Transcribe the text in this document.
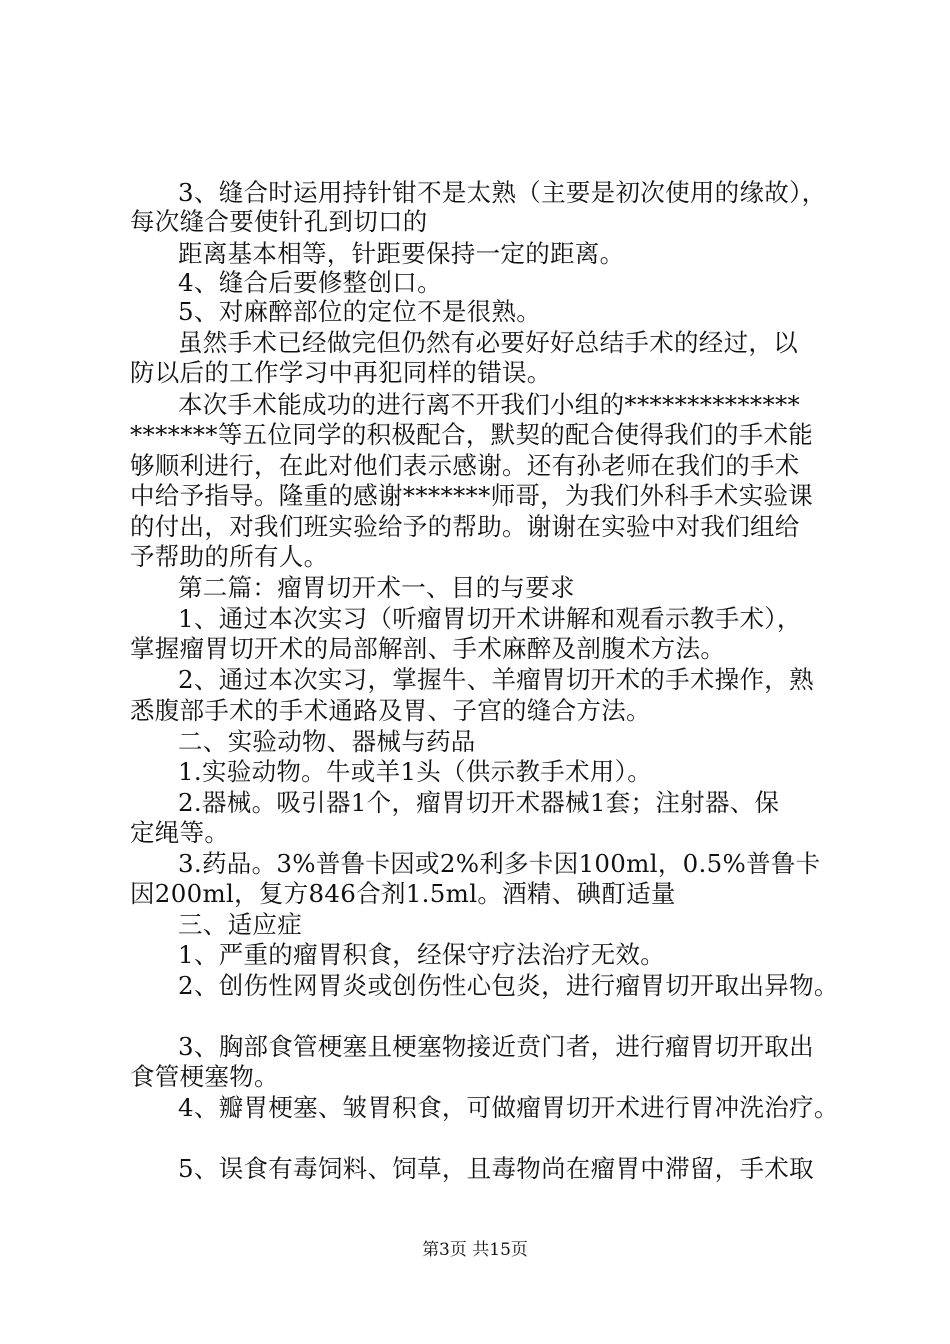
3、缝合时运用持针钳不是太熟（主要是初次使用的缘故），
每次缝合要使针孔到切口的
距离基本相等，针距要保持一定的距离。
4、缝合后要修整创口。
5、对麻醉部位的定位不是很熟。
虽然手术已经做完但仍然有必要好好总结手术的经过，以
防以后的工作学习中再犯同样的错误。
本次手术能成功的进行离不开我们小组的**************
*******等五位同学的积极配合，默契的配合使得我们的手术能
够顺利进行，在此对他们表示感谢。还有孙老师在我们的手术
中给予指导。隆重的感谢*******师哥，为我们外科手术实验课
的付出，对我们班实验给予的帮助。谢谢在实验中对我们组给
予帮助的所有人。
第二篇：瘤胃切开术一、目的与要求
1、通过本次实习（听瘤胃切开术讲解和观看示教手术），
掌握瘤胃切开术的局部解剖、手术麻醉及剖腹术方法。
2、通过本次实习，掌握牛、羊瘤胃切开术的手术操作，熟
悉腹部手术的手术通路及胃、子宫的缝合方法。
二、实验动物、器械与药品
1.实验动物。牛或羊1头（供示教手术用）。
2.器械。吸引器1个，瘤胃切开术器械1套；注射器、保
定绳等。
3.药品。3%普鲁卡因或2%利多卡因100ml，0.5%普鲁卡
因200ml，复方846合剂1.5ml。酒精、碘酊适量
三、适应症
1、严重的瘤胃积食，经保守疗法治疗无效。
2、创伤性网胃炎或创伤性心包炎，进行瘤胃切开取出异物。
3、胸部食管梗塞且梗塞物接近贲门者，进行瘤胃切开取出
食管梗塞物。
4、瓣胃梗塞、皱胃积食，可做瘤胃切开术进行胃冲洗治疗。
5、误食有毒饲料、饲草，且毒物尚在瘤胃中滞留，手术取
第3页 共15页
